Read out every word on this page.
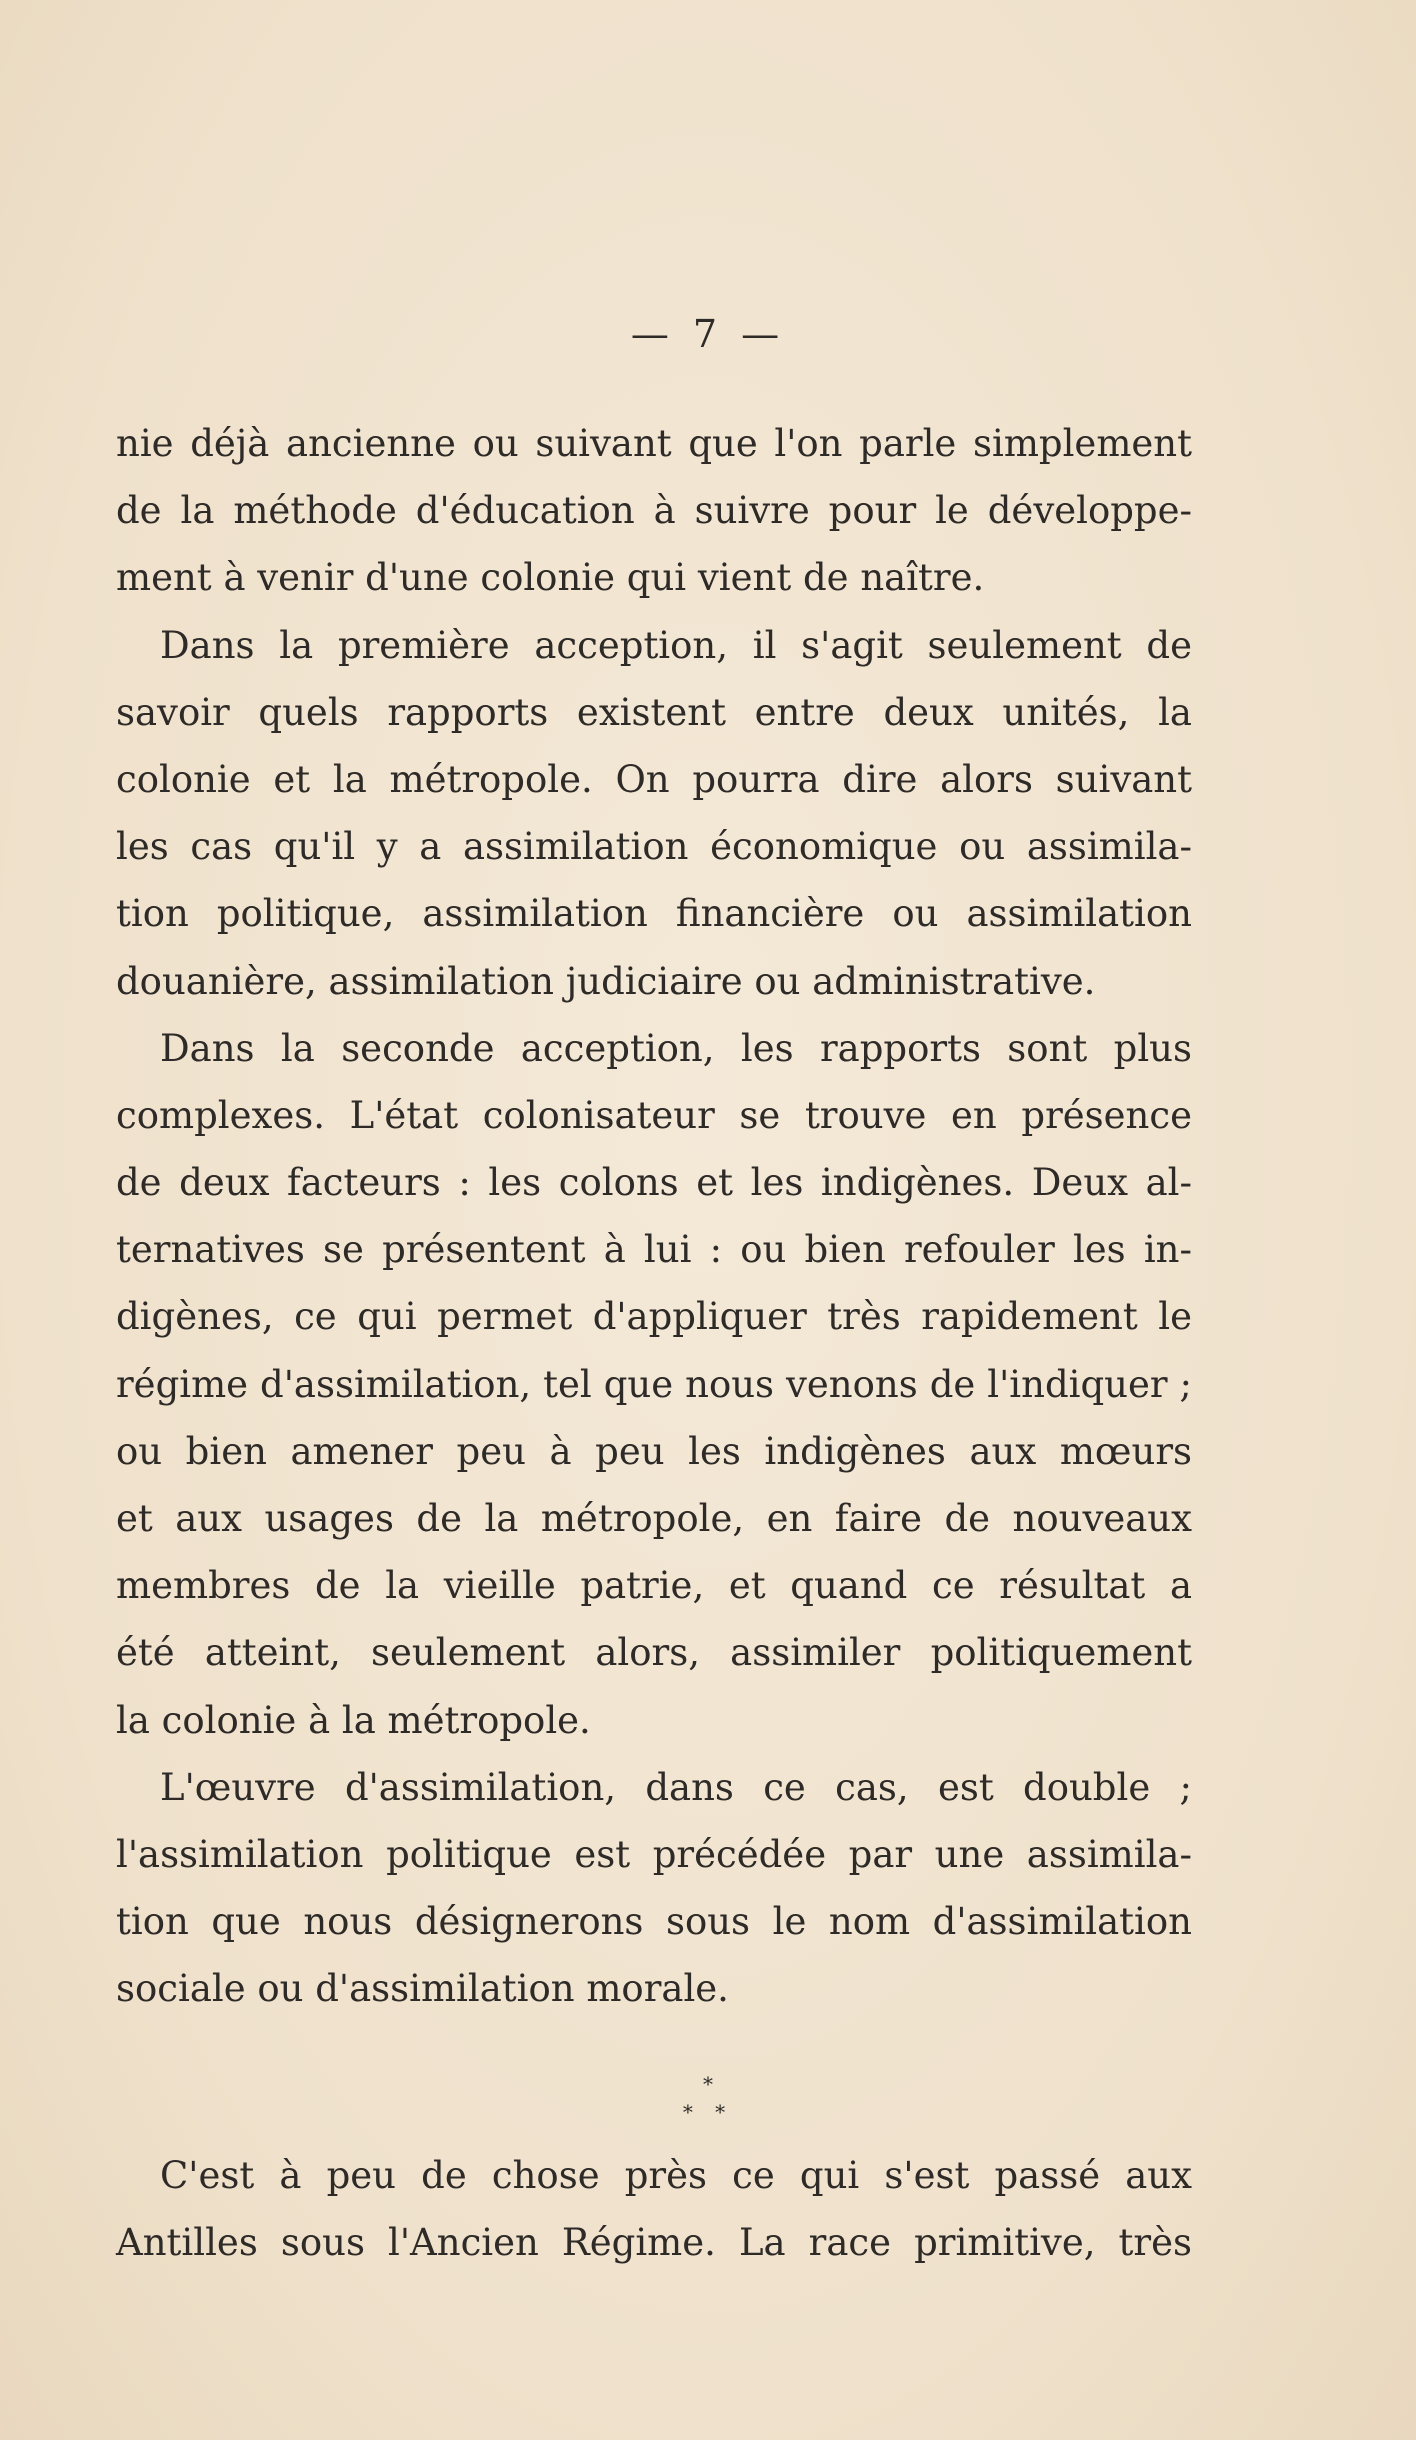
— 7 —
nie déjà ancienne ou suivant que l'on parle simplement
de la méthode d'éducation à suivre pour le développe-
ment à venir d'une colonie qui vient de naître.
Dans la première acception, il s'agit seulement de
savoir quels rapports existent entre deux unités, la
colonie et la métropole. On pourra dire alors suivant
les cas qu'il y a assimilation économique ou assimila-
tion politique, assimilation financière ou assimilation
douanière, assimilation judiciaire ou administrative.
Dans la seconde acception, les rapports sont plus
complexes. L'état colonisateur se trouve en présence
de deux facteurs : les colons et les indigènes. Deux al-
ternatives se présentent à lui : ou bien refouler les in-
digènes, ce qui permet d'appliquer très rapidement le
régime d'assimilation, tel que nous venons de l'indiquer ;
ou bien amener peu à peu les indigènes aux mœurs
et aux usages de la métropole, en faire de nouveaux
membres de la vieille patrie, et quand ce résultat a
été atteint, seulement alors, assimiler politiquement
la colonie à la métropole.
L'œuvre d'assimilation, dans ce cas, est double ;
l'assimilation politique est précédée par une assimila-
tion que nous désignerons sous le nom d'assimilation
sociale ou d'assimilation morale.
*
* *
C'est à peu de chose près ce qui s'est passé aux
Antilles sous l'Ancien Régime. La race primitive, très
